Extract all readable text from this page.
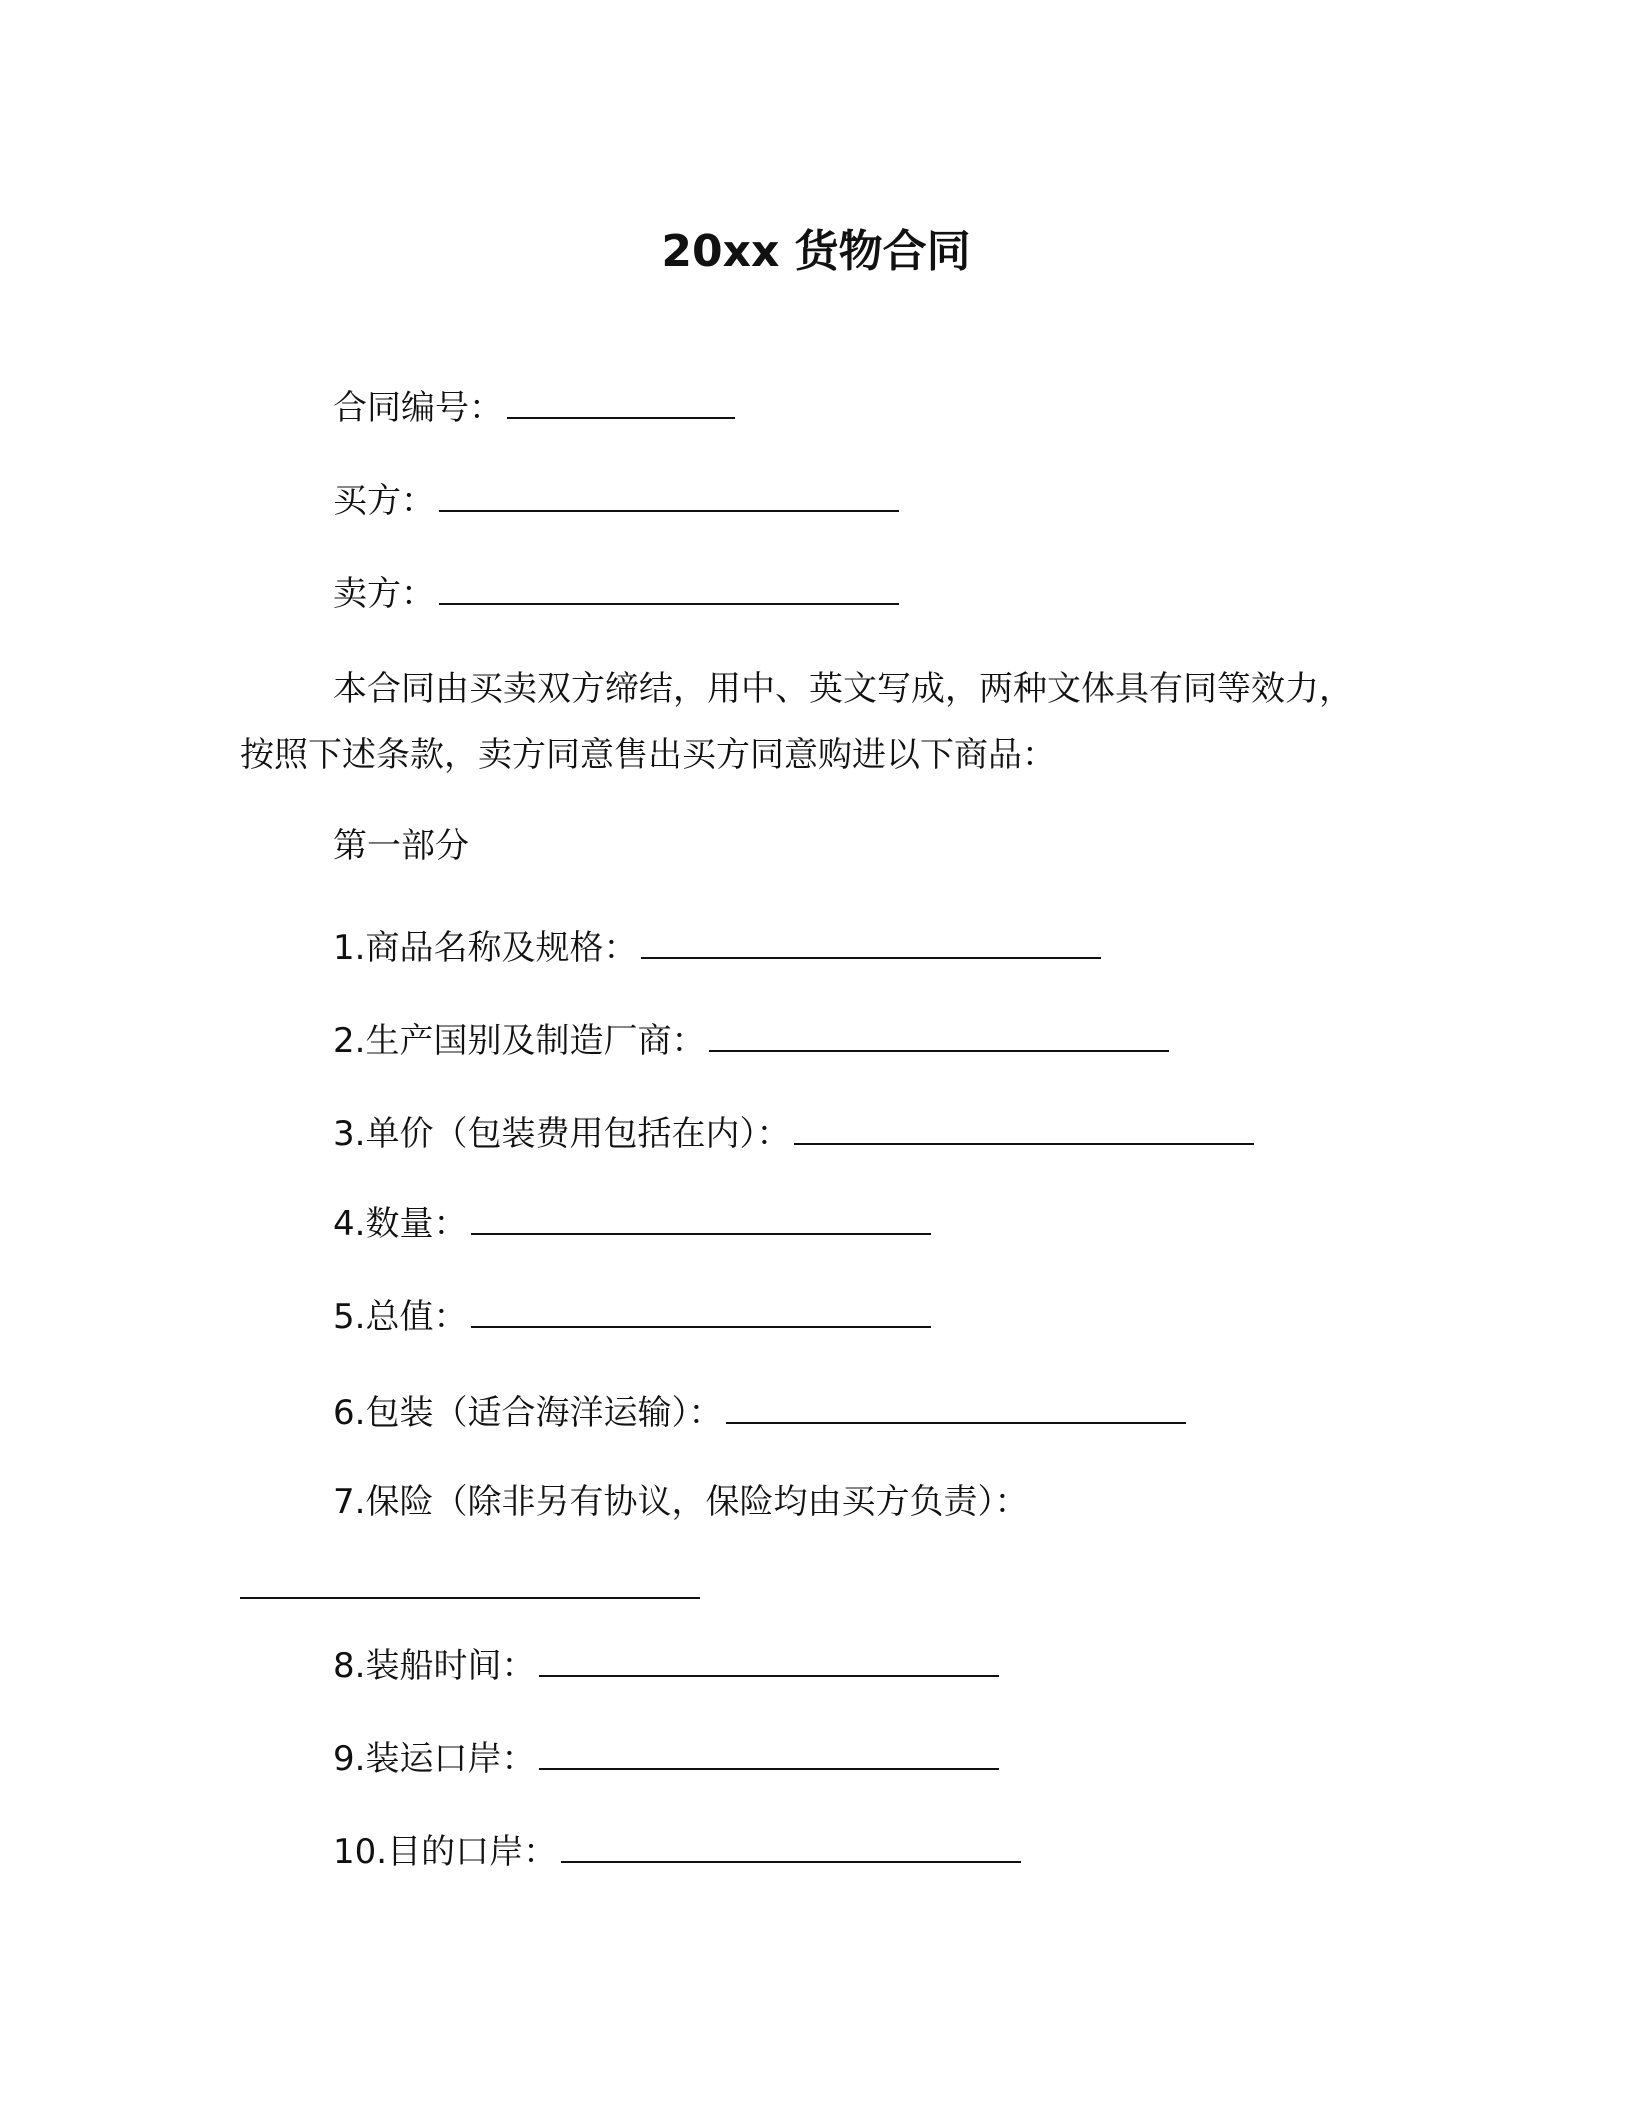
20xx 货物合同

合同编号：

买方：

卖方：

本合同由买卖双方缔结，用中、英文写成，两种文体具有同等效力，按照下述条款，卖方同意售出买方同意购进以下商品：

第一部分

1.商品名称及规格：

2.生产国别及制造厂商：

3.单价（包装费用包括在内）：

4.数量：

5.总值：

6.包装（适合海洋运输）：

7.保险（除非另有协议，保险均由买方负责）：

8.装船时间：

9.装运口岸：

10.目的口岸：
